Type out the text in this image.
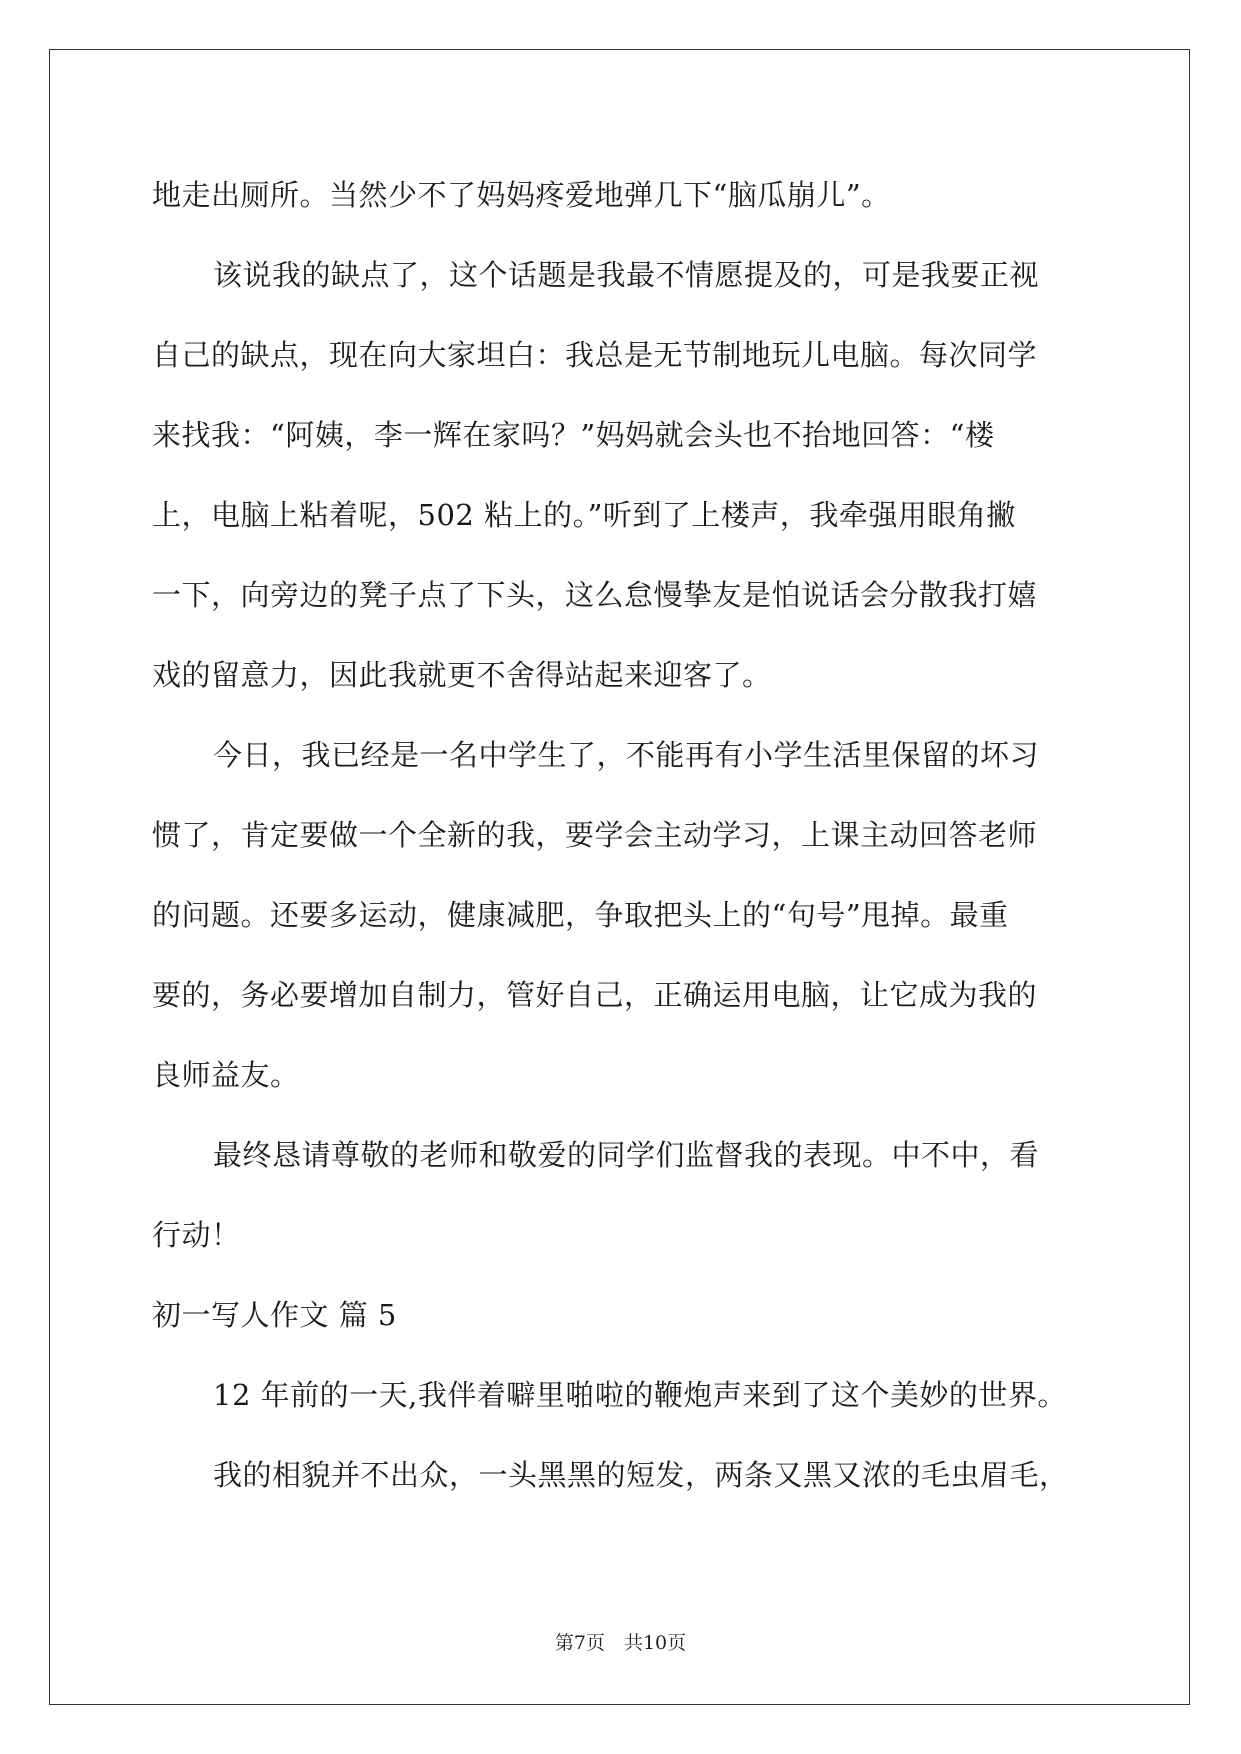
地走出厕所。当然少不了妈妈疼爱地弹几下“脑瓜崩儿”。
该说我的缺点了，这个话题是我最不情愿提及的，可是我要正视
自己的缺点，现在向大家坦白：我总是无节制地玩儿电脑。每次同学
来找我：“阿姨，李一辉在家吗？”妈妈就会头也不抬地回答：“楼
上，电脑上粘着呢，502 粘上的。”听到了上楼声，我牵强用眼角撇
一下，向旁边的凳子点了下头，这么怠慢挚友是怕说话会分散我打嬉
戏的留意力，因此我就更不舍得站起来迎客了。
今日，我已经是一名中学生了，不能再有小学生活里保留的坏习
惯了，肯定要做一个全新的我，要学会主动学习，上课主动回答老师
的问题。还要多运动，健康减肥，争取把头上的“句号”甩掉。最重
要的，务必要增加自制力，管好自己，正确运用电脑，让它成为我的
良师益友。
最终恳请尊敬的老师和敬爱的同学们监督我的表现。中不中，看
行动！
初一写人作文 篇 5
12 年前的一天,我伴着噼里啪啦的鞭炮声来到了这个美妙的世界。
我的相貌并不出众，一头黑黑的短发，两条又黑又浓的毛虫眉毛，
第7页　共10页
